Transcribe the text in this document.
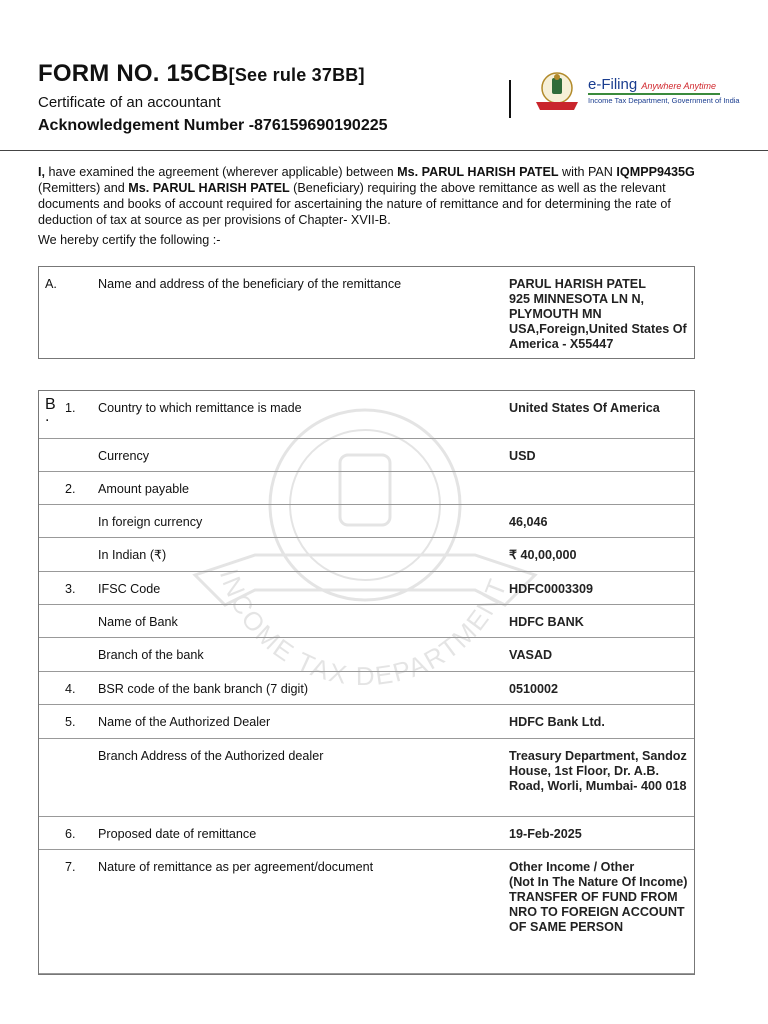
INCOME TAX DEPARTMENT
FORM NO. 15CB[See rule 37BB]
Certificate of an accountant
Acknowledgement Number -876159690190225
e-Filing Anywhere Anytime
Income Tax Department, Government of India
I, have examined the agreement (wherever applicable) between Ms. PARUL HARISH PATEL with PAN IQMPP9435G (Remitters) and Ms. PARUL HARISH PATEL (Beneficiary) requiring the above remittance as well as the relevant documents and books of account required for ascertaining the nature of remittance and for determining the rate of deduction of tax at source as per provisions of Chapter- XVII-B.
We hereby certify the following :-
A.	Name and address of the beneficiary of the remittance	PARUL HARISH PATEL
925 MINNESOTA LN N,
PLYMOUTH MN
USA,Foreign,United States Of America - X55447
B
.	1. Country to which remittance is made	United States Of America
Currency	USD
2. Amount payable
In foreign currency	46,046
In Indian (₹)	₹ 40,00,000
3. IFSC Code	HDFC0003309
Name of Bank	HDFC BANK
Branch of the bank	VASAD
4. BSR code of the bank branch (7 digit)	0510002
5. Name of the Authorized Dealer	HDFC Bank Ltd.
Branch Address of the Authorized dealer	Treasury Department, Sandoz House, 1st Floor, Dr. A.B. Road, Worli, Mumbai- 400 018
6. Proposed date of remittance	19-Feb-2025
7. Nature of remittance as per agreement/document	Other Income / Other
(Not In The Nature Of Income)
TRANSFER OF FUND FROM NRO TO FOREIGN ACCOUNT OF SAME PERSON
